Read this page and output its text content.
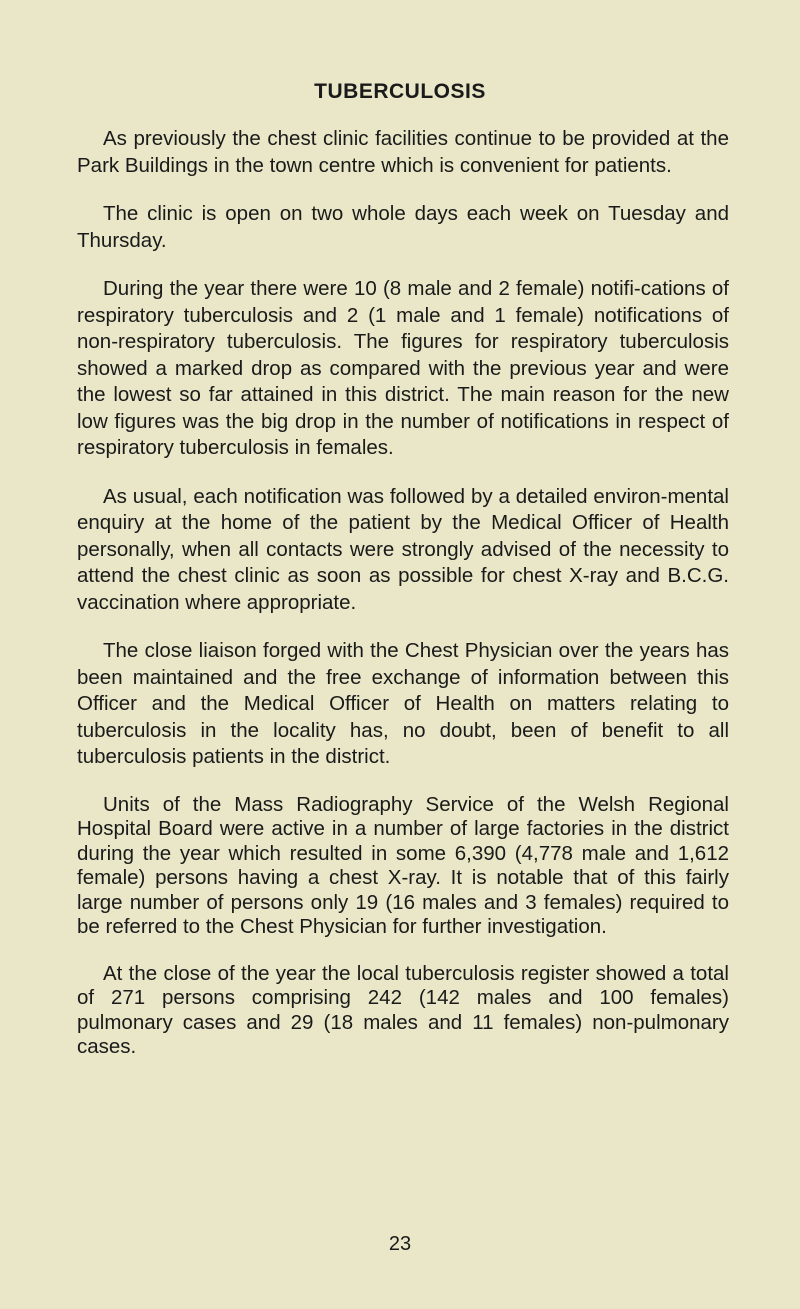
TUBERCULOSIS

As previously the chest clinic facilities continue to be provided at the Park Buildings in the town centre which is convenient for patients.

The clinic is open on two whole days each week on Tuesday and Thursday.

During the year there were 10 (8 male and 2 female) notifi-cations of respiratory tuberculosis and 2 (1 male and 1 female) notifications of non-respiratory tuberculosis. The figures for respiratory tuberculosis showed a marked drop as compared with the previous year and were the lowest so far attained in this district. The main reason for the new low figures was the big drop in the number of notifications in respect of respiratory tuberculosis in females.

As usual, each notification was followed by a detailed environ-mental enquiry at the home of the patient by the Medical Officer of Health personally, when all contacts were strongly advised of the necessity to attend the chest clinic as soon as possible for chest X-ray and B.C.G. vaccination where appropriate.

The close liaison forged with the Chest Physician over the years has been maintained and the free exchange of information between this Officer and the Medical Officer of Health on matters relating to tuberculosis in the locality has, no doubt, been of benefit to all tuberculosis patients in the district.

Units of the Mass Radiography Service of the Welsh Regional Hospital Board were active in a number of large factories in the district during the year which resulted in some 6,390 (4,778 male and 1,612 female) persons having a chest X-ray. It is notable that of this fairly large number of persons only 19 (16 males and 3 females) required to be referred to the Chest Physician for further investigation.

At the close of the year the local tuberculosis register showed a total of 271 persons comprising 242 (142 males and 100 females) pulmonary cases and 29 (18 males and 11 females) non-pulmonary cases.

23
